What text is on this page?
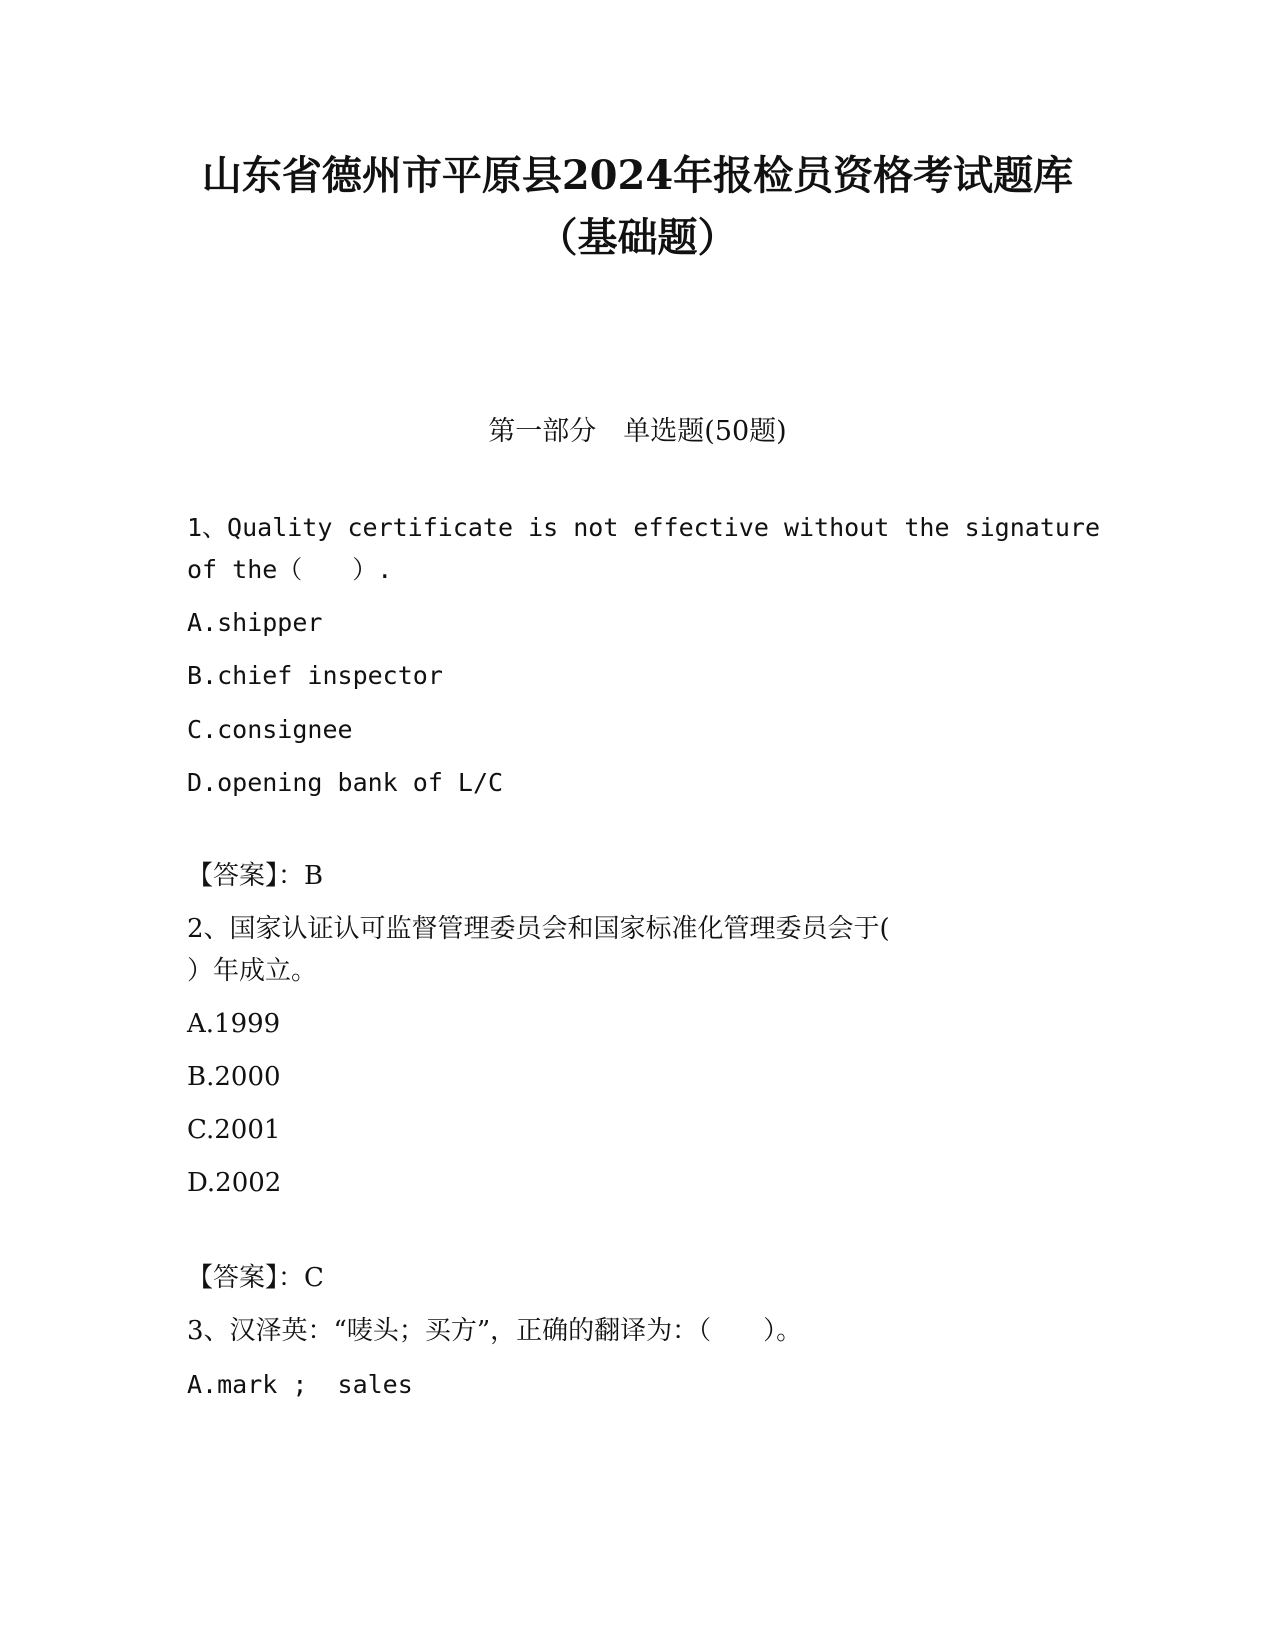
山东省德州市平原县2024年报检员资格考试题库
（基础题）
第一部分　单选题(50题)
1、Quality certificate is not effective without the signature
of the（　　）.
A.shipper
B.chief inspector
C.consignee
D.opening bank of L/C
【答案】：B
2、国家认证认可监督管理委员会和国家标准化管理委员会于(
）年成立。
A.1999
B.2000
C.2001
D.2002
【答案】：C
3、汉泽英：“唛头；买方”，正确的翻译为：（　　）。
A.mark ;  sales
